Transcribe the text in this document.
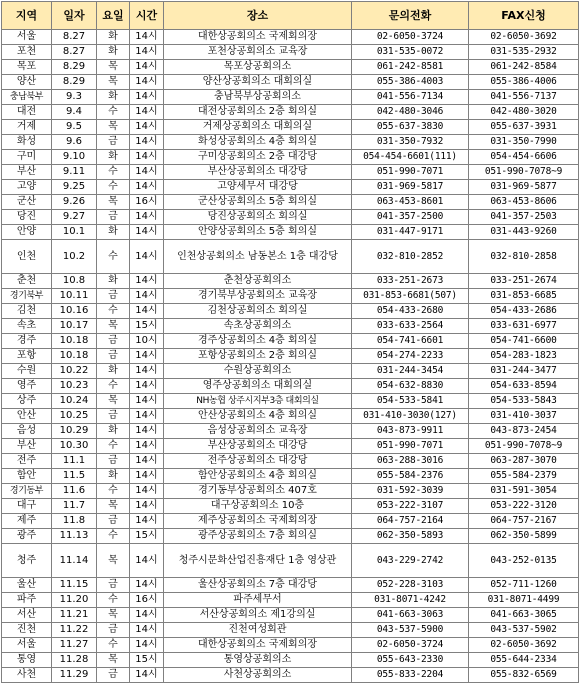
지역	일자	요일	시간	장소	문의전화	FAX신청
서울	8.27	화	14시	대한상공회의소 국제회의장	02-6050-3724	02-6050-3692
포천	8.27	화	14시	포천상공회의소 교육장	031-535-0072	031-535-2932
목포	8.29	목	14시	목포상공회의소	061-242-8581	061-242-8584
양산	8.29	목	14시	양산상공회의소 대회의실	055-386-4003	055-386-4006
충남북부	9.3	화	14시	충남북부상공회의소	041-556-7134	041-556-7137
대전	9.4	수	14시	대전상공회의소 2층 회의실	042-480-3046	042-480-3020
거제	9.5	목	14시	거제상공회의소 대회의실	055-637-3830	055-637-3931
화성	9.6	금	14시	화성상공회의소 4층 회의실	031-350-7932	031-350-7990
구미	9.10	화	14시	구미상공회의소 2층 대강당	054-454-6601(111)	054-454-6606
부산	9.11	수	14시	부산상공회의소 대강당	051-990-7071	051-990-7078~9
고양	9.25	수	14시	고양세무서 대강당	031-969-5817	031-969-5877
군산	9.26	목	16시	군산상공회의소 5층 회의실	063-453-8601	063-453-8606
당진	9.27	금	14시	당진상공회의소 회의실	041-357-2500	041-357-2503
안양	10.1	화	14시	안양상공회의소 5층 회의실	031-447-9171	031-443-9260
인천	10.2	수	14시	인천상공회의소 남동본소 1층 대강당	032-810-2852	032-810-2858
춘천	10.8	화	14시	춘천상공회의소	033-251-2673	033-251-2674
경기북부	10.11	금	14시	경기북부상공회의소 교육장	031-853-6681(507)	031-853-6685
김천	10.16	수	14시	김천상공회의소 회의실	054-433-2680	054-433-2686
속초	10.17	목	15시	속초상공회의소	033-633-2564	033-631-6977
경주	10.18	금	10시	경주상공회의소 4층 회의실	054-741-6601	054-741-6600
포항	10.18	금	14시	포항상공회의소 2층 회의실	054-274-2233	054-283-1823
수원	10.22	화	14시	수원상공회의소	031-244-3454	031-244-3477
영주	10.23	수	14시	영주상공회의소 대회의실	054-632-8830	054-633-8594
상주	10.24	목	14시	NH농협 상주시지부3층 대회의실	054-533-5841	054-533-5843
안산	10.25	금	14시	안산상공회의소 4층 회의실	031-410-3030(127)	031-410-3037
음성	10.29	화	14시	음성상공회의소 교육장	043-873-9911	043-873-2454
부산	10.30	수	14시	부산상공회의소 대강당	051-990-7071	051-990-7078~9
전주	11.1	금	14시	전주상공회의소 대강당	063-288-3016	063-287-3070
함안	11.5	화	14시	함안상공회의소 4층 회의실	055-584-2376	055-584-2379
경기동부	11.6	수	14시	경기동부상공회의소 407호	031-592-3039	031-591-3054
대구	11.7	목	14시	대구상공회의소 10층	053-222-3107	053-222-3120
제주	11.8	금	14시	제주상공회의소 국제회의장	064-757-2164	064-757-2167
광주	11.13	수	15시	광주상공회의소 7층 회의실	062-350-5893	062-350-5899
청주	11.14	목	14시	청주시문화산업진흥재단 1층 영상관	043-229-2742	043-252-0135
울산	11.15	금	14시	울산상공회의소 7층 대강당	052-228-3103	052-711-1260
파주	11.20	수	16시	파주세무서	031-8071-4242	031-8071-4499
서산	11.21	목	14시	서산상공회의소 제1강의실	041-663-3063	041-663-3065
진천	11.22	금	14시	진천여성회관	043-537-5900	043-537-5902
서울	11.27	수	14시	대한상공회의소 국제회의장	02-6050-3724	02-6050-3692
통영	11.28	목	15시	통영상공회의소	055-643-2330	055-644-2334
사천	11.29	금	14시	사천상공회의소	055-833-2204	055-832-6569
